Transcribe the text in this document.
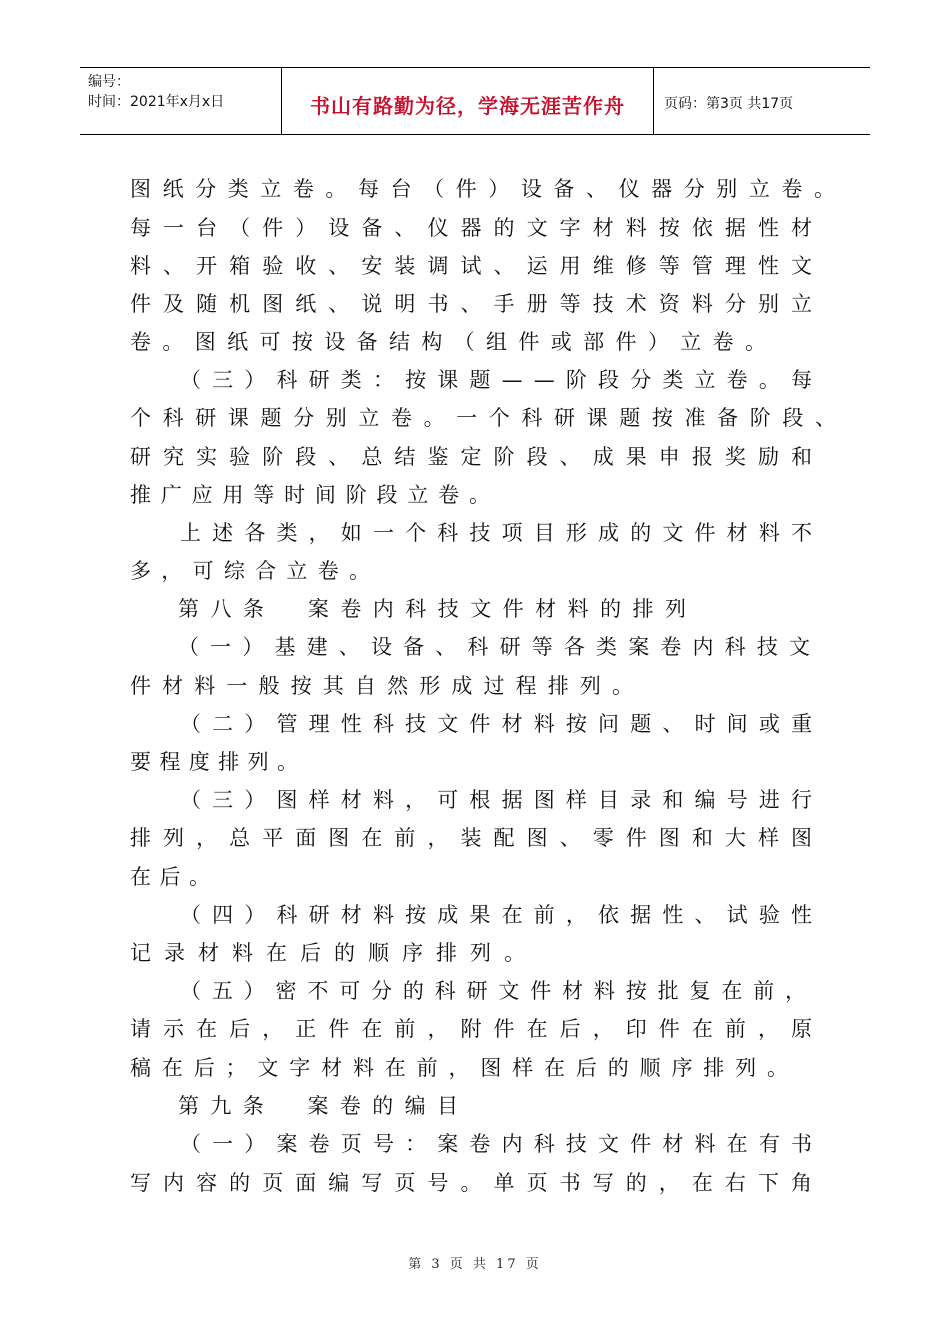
编号：
时间：2021年x月x日	书山有路勤为径，学海无涯苦作舟	页码：第3页 共17页
图纸分类立卷。每台（件）设备、仪器分别立卷。
每一台（件）设备、仪器的文字材料按依据性材
料、开箱验收、安装调试、运用维修等管理性文
件及随机图纸、说明书、手册等技术资料分别立
卷。图纸可按设备结构（组件或部件）立卷。
（三）科研类：按课题——阶段分类立卷。每
个科研课题分别立卷。一个科研课题按准备阶段、
研究实验阶段、总结鉴定阶段、成果申报奖励和
推广应用等时间阶段立卷。
上述各类，如一个科技项目形成的文件材料不
多，可综合立卷。
第八条　案卷内科技文件材料的排列
（一）基建、设备、科研等各类案卷内科技文
件材料一般按其自然形成过程排列。
（二）管理性科技文件材料按问题、时间或重
要程度排列。
（三）图样材料，可根据图样目录和编号进行
排列，总平面图在前，装配图、零件图和大样图
在后。
（四）科研材料按成果在前，依据性、试验性
记录材料在后的顺序排列。
（五）密不可分的科研文件材料按批复在前，
请示在后，正件在前，附件在后，印件在前，原
稿在后；文字材料在前，图样在后的顺序排列。
第九条　案卷的编目
（一）案卷页号：案卷内科技文件材料在有书
写内容的页面编写页号。单页书写的，在右下角
第 3 页 共 17 页
